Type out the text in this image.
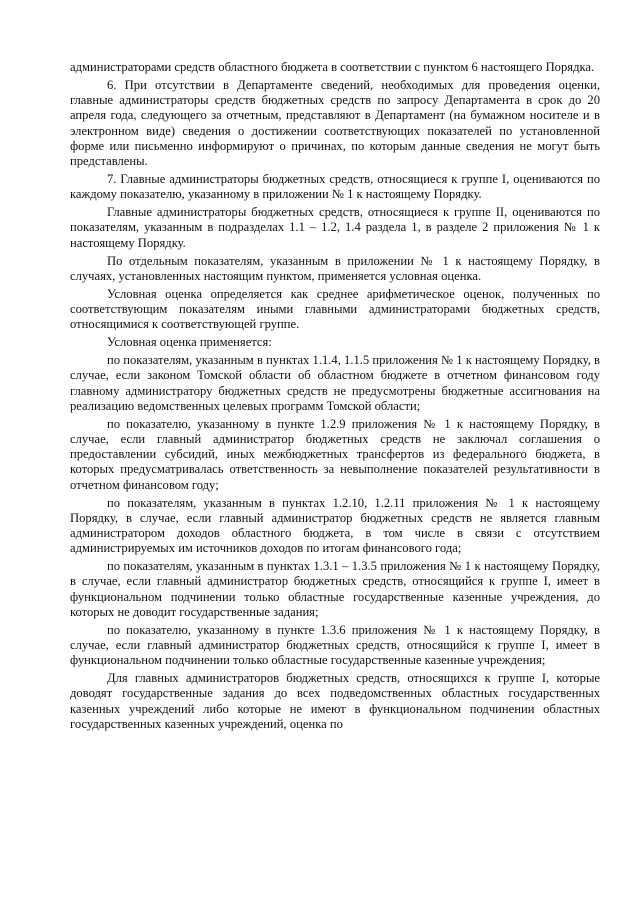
администраторами средств областного бюджета в соответствии с пунктом 6 настоящего Порядка.

6. При отсутствии в Департаменте сведений, необходимых для проведения оценки, главные администраторы средств бюджетных средств по запросу Департамента в срок до 20 апреля года, следующего за отчетным, представляют в Департамент (на бумажном носителе и в электронном виде) сведения о достижении соответствующих показателей по установленной форме или письменно информируют о причинах, по которым данные сведения не могут быть представлены.

7. Главные администраторы бюджетных средств, относящиеся к группе I, оцениваются по каждому показателю, указанному в приложении № 1 к настоящему Порядку.

Главные администраторы бюджетных средств, относящиеся к группе II, оцениваются по показателям, указанным в подразделах 1.1 – 1.2, 1.4 раздела 1, в разделе 2 приложения № 1 к настоящему Порядку.

По отдельным показателям, указанным в приложении № 1 к настоящему Порядку, в случаях, установленных настоящим пунктом, применяется условная оценка.

Условная оценка определяется как среднее арифметическое оценок, полученных по соответствующим показателям иными главными администраторами бюджетных средств, относящимися к соответствующей группе.

Условная оценка применяется:

по показателям, указанным в пунктах 1.1.4, 1.1.5 приложения № 1 к настоящему Порядку, в случае, если законом Томской области об областном бюджете в отчетном финансовом году главному администратору бюджетных средств не предусмотрены бюджетные ассигнования на реализацию ведомственных целевых программ Томской области;

по показателю, указанному в пункте 1.2.9 приложения № 1 к настоящему Порядку, в случае, если главный администратор бюджетных средств не заключал соглашения о предоставлении субсидий, иных межбюджетных трансфертов из федерального бюджета, в которых предусматривалась ответственность за невыполнение показателей результативности в отчетном финансовом году;

по показателям, указанным в пунктах 1.2.10, 1.2.11 приложения № 1 к настоящему Порядку, в случае, если главный администратор бюджетных средств не является главным администратором доходов областного бюджета, в том числе в связи с отсутствием администрируемых им источников доходов по итогам финансового года;

по показателям, указанным в пунктах 1.3.1 – 1.3.5 приложения № 1 к настоящему Порядку, в случае, если главный администратор бюджетных средств, относящийся к группе I, имеет в функциональном подчинении только областные государственные казенные учреждения, до которых не доводит государственные задания;

по показателю, указанному в пункте 1.3.6 приложения № 1 к настоящему Порядку, в случае, если главный администратор бюджетных средств, относящийся к группе I, имеет в функциональном подчинении только областные государственные казенные учреждения;

Для главных администраторов бюджетных средств, относящихся к группе I, которые доводят государственные задания до всех подведомственных областных государственных казенных учреждений либо которые не имеют в функциональном подчинении областных государственных казенных учреждений, оценка по
